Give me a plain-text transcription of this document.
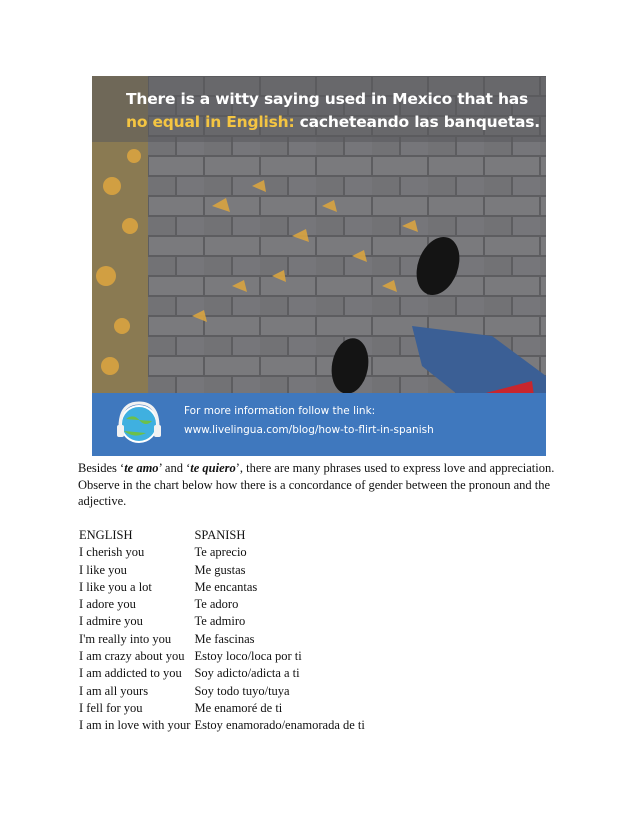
There is a witty saying used in Mexico that has
no equal in English: cacheteando las banquetas.
For more information follow the link:
www.livelingua.com/blog/how-to-flirt-in-spanish

Besides ‘te amo’ and ‘te quiero’, there are many phrases used to express love and appreciation. Observe in the chart below how there is a concordance of gender between the pronoun and the adjective.

ENGLISH	SPANISH
I cherish you	Te aprecio
I like you	Me gustas
I like you a lot	Me encantas
I adore you	Te adoro
I admire you	Te admiro
I'm really into you	Me fascinas
I am crazy about you	Estoy loco/loca por ti
I am addicted to you	Soy adicto/adicta a ti
I am all yours	Soy todo tuyo/tuya
I fell for you	Me enamoré de ti
I am in love with your	Estoy enamorado/enamorada de ti
